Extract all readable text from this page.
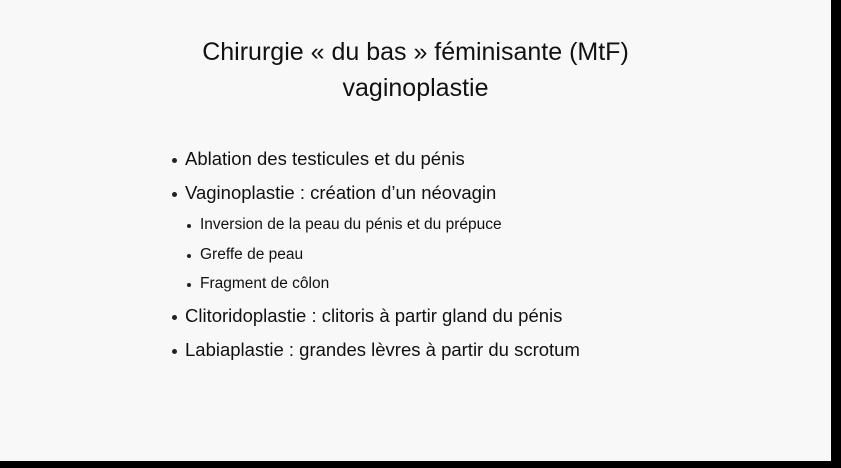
Chirurgie « du bas » féminisante (MtF)
vaginoplastie
Ablation des testicules et du pénis
Vaginoplastie : création d’un néovagin
Inversion de la peau du pénis et du prépuce
Greffe de peau
Fragment de côlon
Clitoridoplastie : clitoris à partir gland du pénis
Labiaplastie : grandes lèvres à partir du scrotum
